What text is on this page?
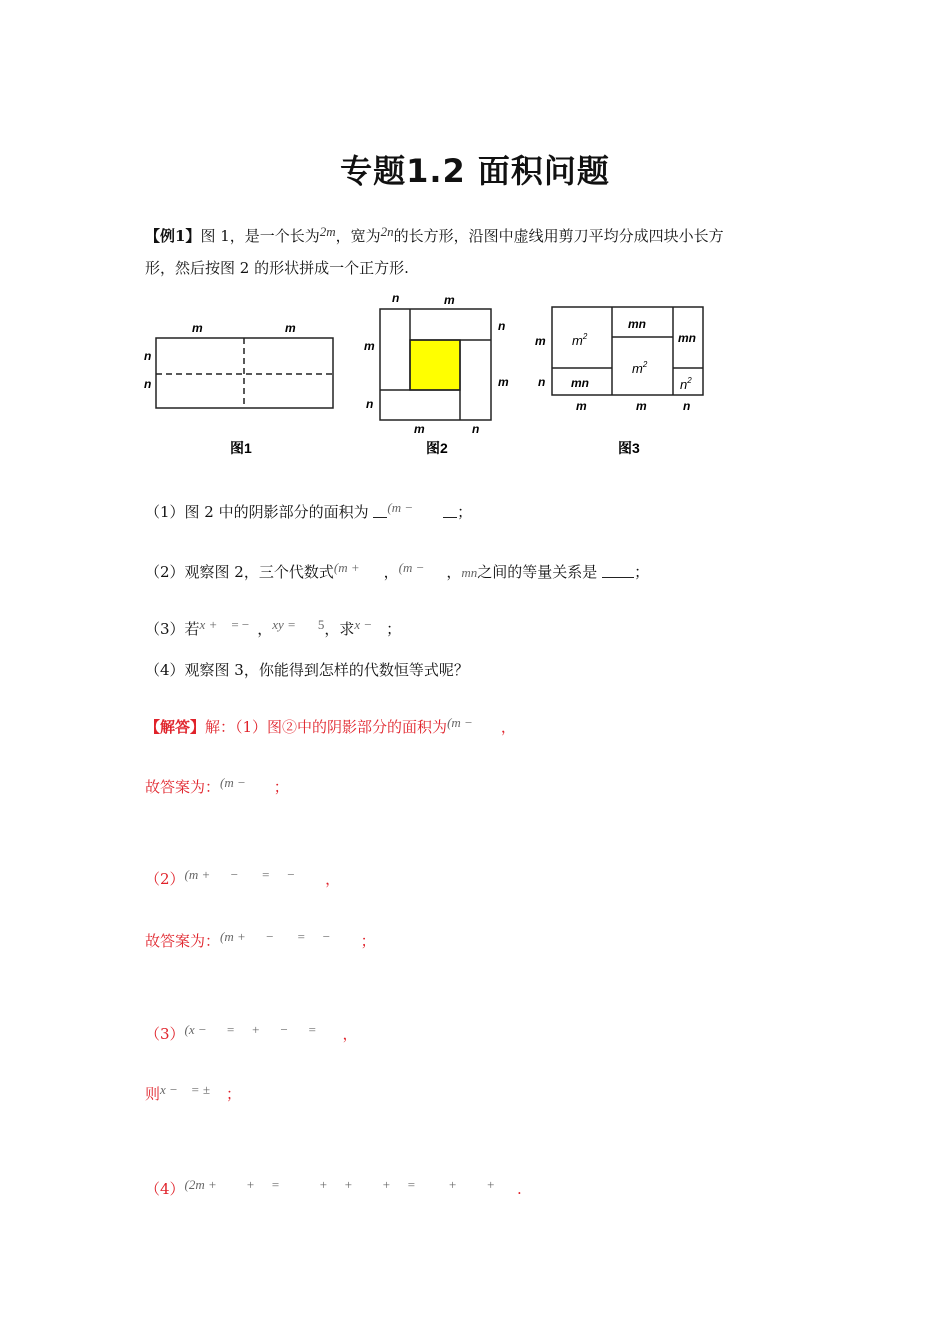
专题1.2 面积问题
【例1】图 1，是一个长为2m，宽为2n的长方形，沿图中虚线用剪刀平均分成四块小长方
形，然后按图 2 的形状拼成一个正方形.
m	m
n
n
图1
n	m
n
m
m
n
m	n
图2
$m^2$
mn
$m^2$
mn
mn	$n^2$
m
n
m	m	n
图3
（1）图 2 中的阴影部分的面积为 (m −	；
（2）观察图 2，三个代数式(m + ，(m − ，mn之间的等量关系是 ；
（3）若x + = − ，xy = 5，求x − ；
（4）观察图 3，你能得到怎样的代数恒等式呢？
【解答】解：（1）图②中的阴影部分的面积为(m − ，
故答案为：(m − ；
（2）(m +      −       =     − ，
故答案为：(m +      −       =     − ；
（3）(x −      =     +      −      = ，
则x −    = ± ；
（4）(2m +         +     =            +     +         +     =          +         + .
